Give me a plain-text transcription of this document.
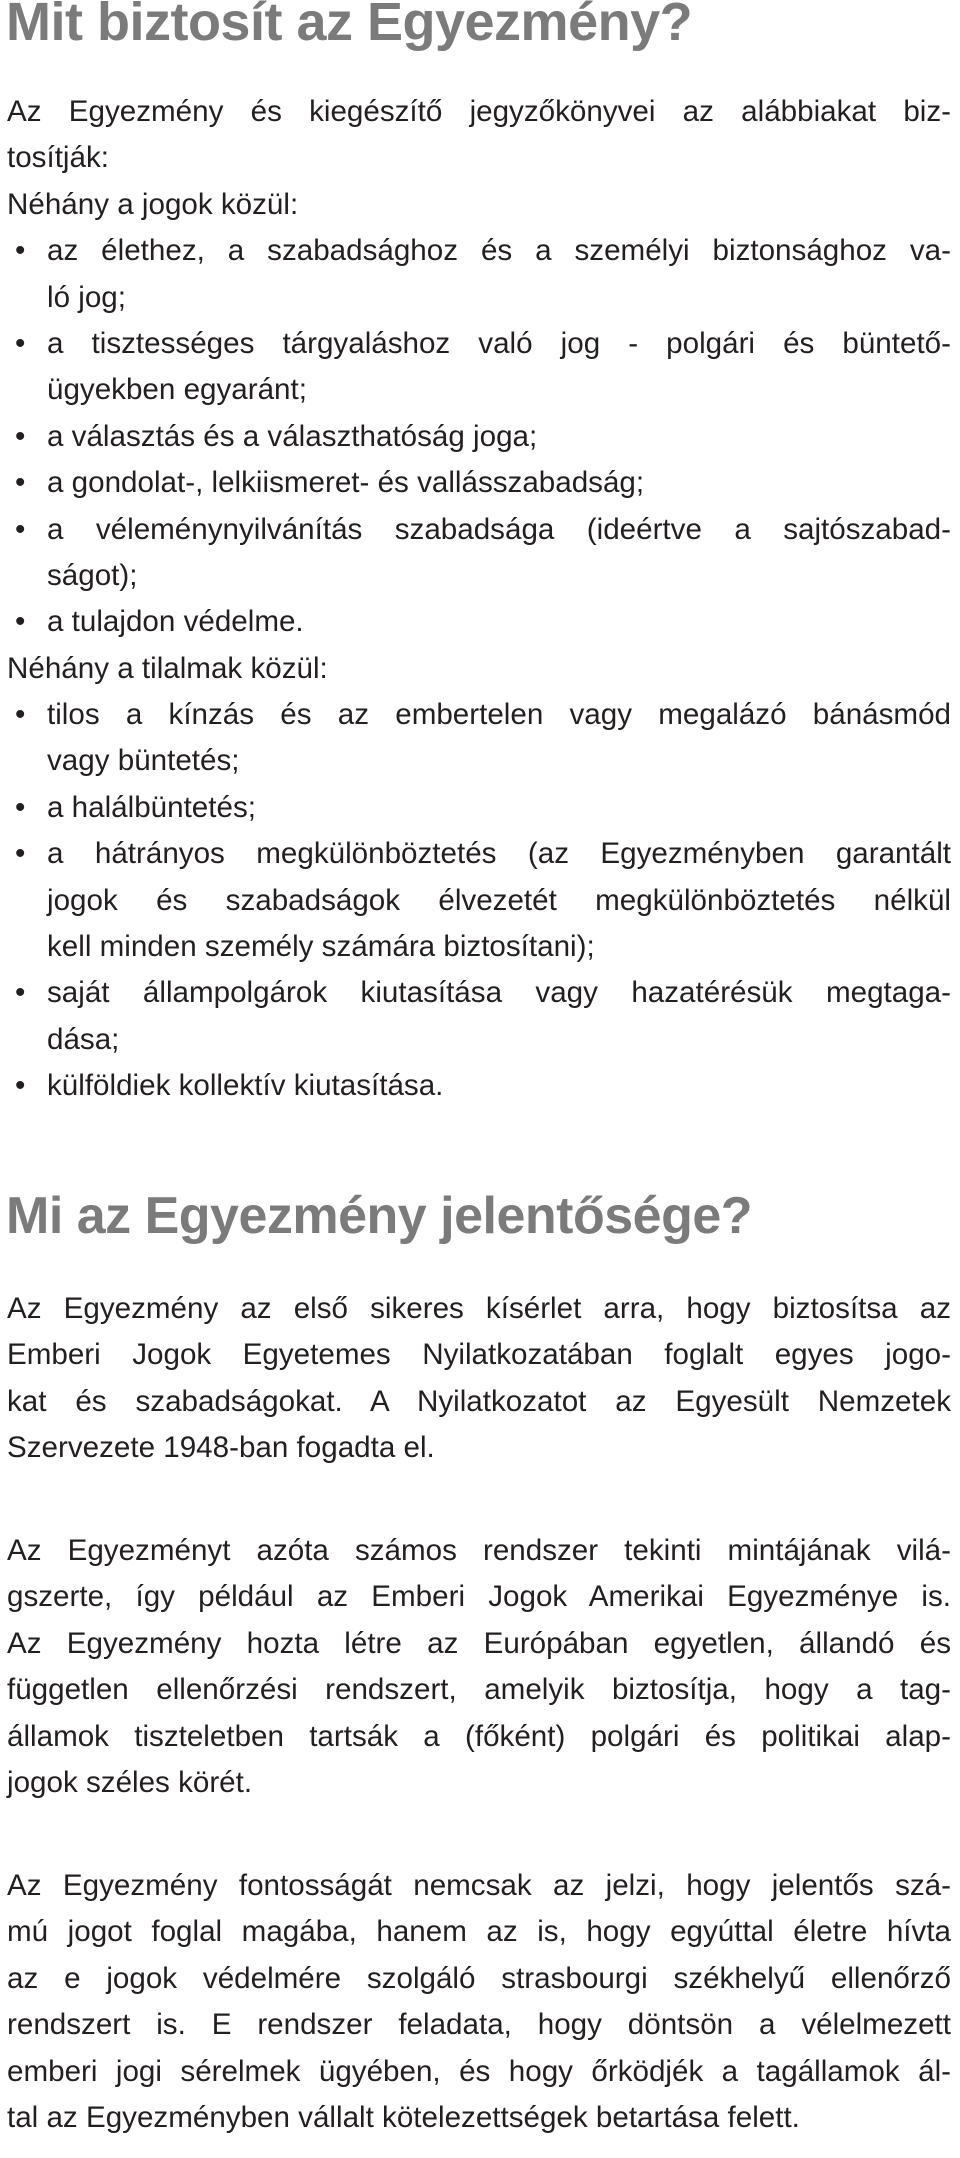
Mit biztosít az Egyezmény?
Az Egyezmény és kiegészítő jegyzőkönyvei az alábbiakat biz-
tosítják:
Néhány a jogok közül:
• az élethez, a szabadsághoz és a személyi biztonsághoz va-
ló jog;
• a tisztességes tárgyaláshoz való jog - polgári és büntető-
ügyekben egyaránt;
• a választás és a választhatóság joga;
• a gondolat-, lelkiismeret- és vallásszabadság;
• a véleménynyilvánítás szabadsága (ideértve a sajtószabad-
ságot);
• a tulajdon védelme.
Néhány a tilalmak közül:
• tilos a kínzás és az embertelen vagy megalázó bánásmód
vagy büntetés;
• a halálbüntetés;
• a hátrányos megkülönböztetés (az Egyezményben garantált
jogok és szabadságok élvezetét megkülönböztetés nélkül
kell minden személy számára biztosítani);
• saját állampolgárok kiutasítása vagy hazatérésük megtaga-
dása;
• külföldiek kollektív kiutasítása.
Mi az Egyezmény jelentősége?
Az Egyezmény az első sikeres kísérlet arra, hogy biztosítsa az
Emberi Jogok Egyetemes Nyilatkozatában foglalt egyes jogo-
kat és szabadságokat. A Nyilatkozatot az Egyesült Nemzetek
Szervezete 1948-ban fogadta el.
Az Egyezményt azóta számos rendszer tekinti mintájának vilá-
gszerte, így például az Emberi Jogok Amerikai Egyezménye is.
Az Egyezmény hozta létre az Európában egyetlen, állandó és
független ellenőrzési rendszert, amelyik biztosítja, hogy a tag-
államok tiszteletben tartsák a (főként) polgári és politikai alap-
jogok széles körét.
Az Egyezmény fontosságát nemcsak az jelzi, hogy jelentős szá-
mú jogot foglal magába, hanem az is, hogy egyúttal életre hívta
az e jogok védelmére szolgáló strasbourgi székhelyű ellenőrző
rendszert is. E rendszer feladata, hogy döntsön a vélelmezett
emberi jogi sérelmek ügyében, és hogy őrködjék a tagállamok ál-
tal az Egyezményben vállalt kötelezettségek betartása felett.
